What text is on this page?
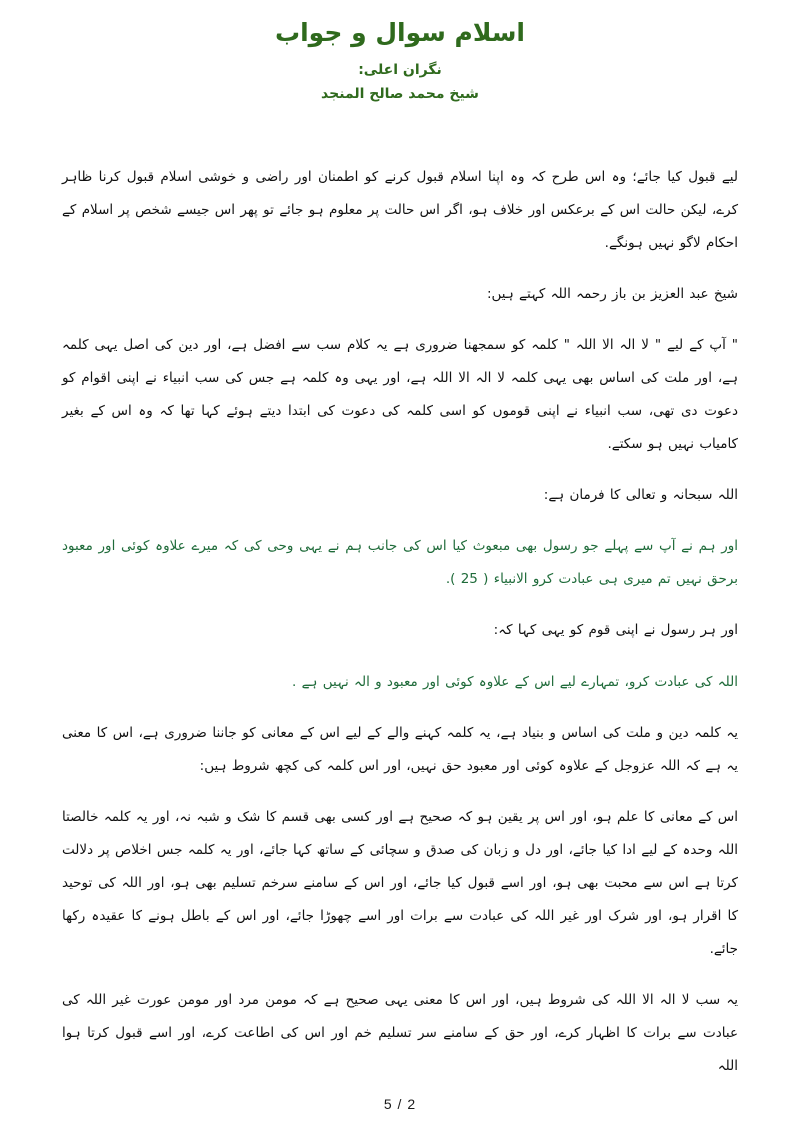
اسلام سوال و جواب
نگران اعلی:
شیخ محمد صالح المنجد

لیے قبول کیا جائے؛ وہ اس طرح کہ وہ اپنا اسلام قبول کرنے کو اطمنان اور راضی و خوشی اسلام قبول کرنا ظاہر کرے، لیکن حالت اس کے برعکس اور خلاف ہو، اگر اس حالت پر معلوم ہو جائے تو پھر اس جیسے شخص پر اسلام کے احکام لاگو نہیں ہونگے.

شیخ عبد العزیز بن باز رحمہ اللہ کہتے ہیں:

" آپ کے لیے " لا الہ الا اللہ " کلمہ کو سمجھنا ضروری ہے یہ کلام سب سے افضل ہے، اور دین کی اصل یہی کلمہ ہے، اور ملت کی اساس بھی یہی کلمہ لا الہ الا اللہ ہے، اور یہی وہ کلمہ ہے جس کی سب انبیاء نے اپنی اقوام کو دعوت دی تھی، سب انبیاء نے اپنی قوموں کو اسی کلمہ کی دعوت کی ابتدا دیتے ہوئے کہا تھا کہ وہ اس کے بغیر کامیاب نہیں ہو سکتے.

اللہ سبحانہ و تعالی کا فرمان ہے:

اور ہم نے آپ سے پہلے جو رسول بھی مبعوث کیا اس کی جانب ہم نے یہی وحی کی کہ میرے علاوہ کوئی اور معبود برحق نہیں تم میری ہی عبادت کرو الانبیاء ( 25 ).

اور ہر رسول نے اپنی قوم کو یہی کہا کہ:

اللہ کی عبادت کرو، تمہارے لیے اس کے علاوہ کوئی اور معبود و الہ نہیں ہے .

یہ کلمہ دین و ملت کی اساس و بنیاد ہے، یہ کلمہ کہنے والے کے لیے اس کے معانی کو جاننا ضروری ہے، اس کا معنی یہ ہے کہ اللہ عزوجل کے علاوہ کوئی اور معبود حق نہیں، اور اس کلمہ کی کچھ شروط ہیں:

اس کے معانی کا علم ہو، اور اس پر یقین ہو کہ صحیح ہے اور کسی بھی قسم کا شک و شبہ نہ، اور یہ کلمہ خالصتا اللہ وحدہ کے لیے ادا کیا جائے، اور دل و زبان کی صدق و سچائی کے ساتھ کہا جائے، اور یہ کلمہ جس اخلاص پر دلالت کرتا ہے اس سے محبت بھی ہو، اور اسے قبول کیا جائے، اور اس کے سامنے سرخم تسلیم بھی ہو، اور اللہ کی توحید کا اقرار ہو، اور شرک اور غیر اللہ کی عبادت سے برات اور اسے چھوڑا جائے، اور اس کے باطل ہونے کا عقیدہ رکھا جائے.

یہ سب لا الہ الا اللہ کی شروط ہیں، اور اس کا معنی یہی صحیح ہے کہ مومن مرد اور مومن عورت غیر اللہ کی عبادت سے برات کا اظہار کرے، اور حق کے سامنے سر تسلیم خم اور اس کی اطاعت کرے، اور اسے قبول کرتا ہوا اللہ

5 / 2
